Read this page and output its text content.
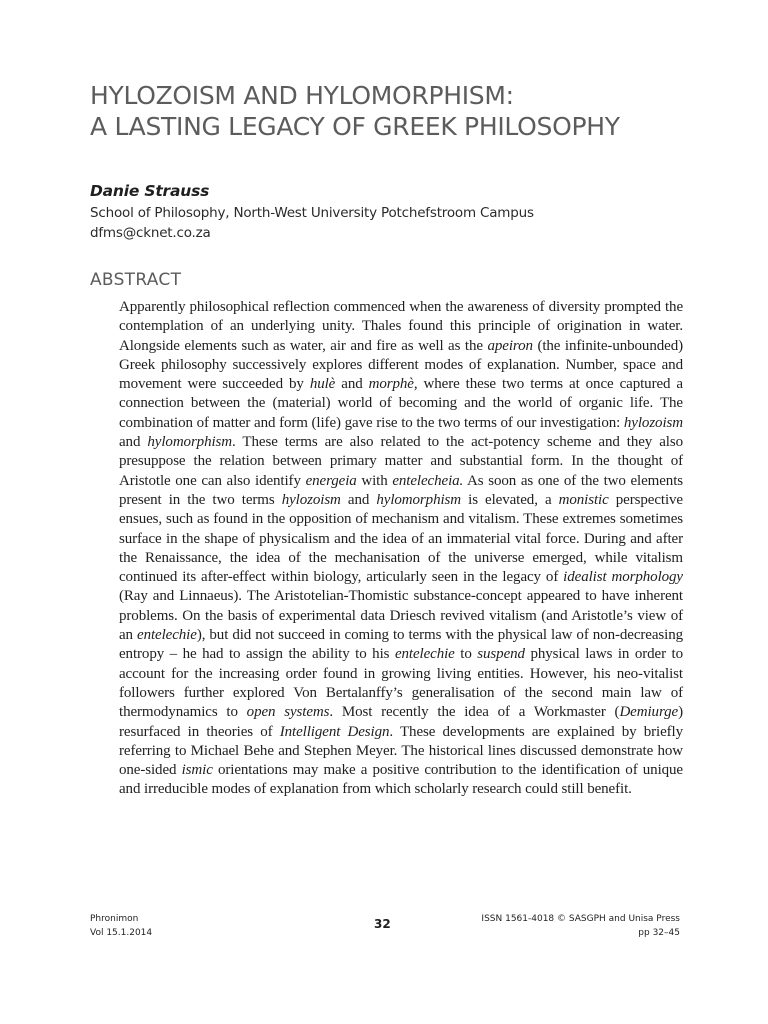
HYLOZOISM AND HYLOMORPHISM:
A LASTING LEGACY OF GREEK PHILOSOPHY
Danie Strauss
School of Philosophy, North-West University Potchefstroom Campus
dfms@cknet.co.za
ABSTRACT

Apparently philosophical reflection commenced when the awareness of diversity prompted the contemplation of an underlying unity. Thales found this principle of origination in water. Alongside elements such as water, air and fire as well as the apeiron (the infinite-unbounded) Greek philosophy successively explores different modes of explanation. Number, space and movement were succeeded by hulè and morphè, where these two terms at once captured a connection between the (material) world of becoming and the world of organic life. The combination of matter and form (life) gave rise to the two terms of our investigation: hylozoism and hylomorphism. These terms are also related to the act-potency scheme and they also presuppose the relation between primary matter and substantial form. In the thought of Aristotle one can also identify energeia with entelecheia. As soon as one of the two elements present in the two terms hylozoism and hylomorphism is elevated, a monistic perspective ensues, such as found in the opposition of mechanism and vitalism. These extremes sometimes surface in the shape of physicalism and the idea of an immaterial vital force. During and after the Renaissance, the idea of the mechanisation of the universe emerged, while vitalism continued its after-effect within biology, articularly seen in the legacy of idealist morphology (Ray and Linnaeus). The Aristotelian-Thomistic substance-concept appeared to have inherent problems. On the basis of experimental data Driesch revived vitalism (and Aristotle’s view of an entelechie), but did not succeed in coming to terms with the physical law of non-decreasing entropy – he had to assign the ability to his entelechie to suspend physical laws in order to account for the increasing order found in growing living entities. However, his neo-vitalist followers further explored Von Bertalanffy’s generalisation of the second main law of thermodynamics to open systems. Most recently the idea of a Workmaster (Demiurge) resurfaced in theories of Intelligent Design. These developments are explained by briefly referring to Michael Behe and Stephen Meyer. The historical lines discussed demonstrate how one-sided ismic orientations may make a positive contribution to the identification of unique and irreducible modes of explanation from which scholarly research could still benefit.

Phronimon
Vol 15.1.2014
32	ISSN 1561-4018 © SASGPH and Unisa Press
pp 32–45
